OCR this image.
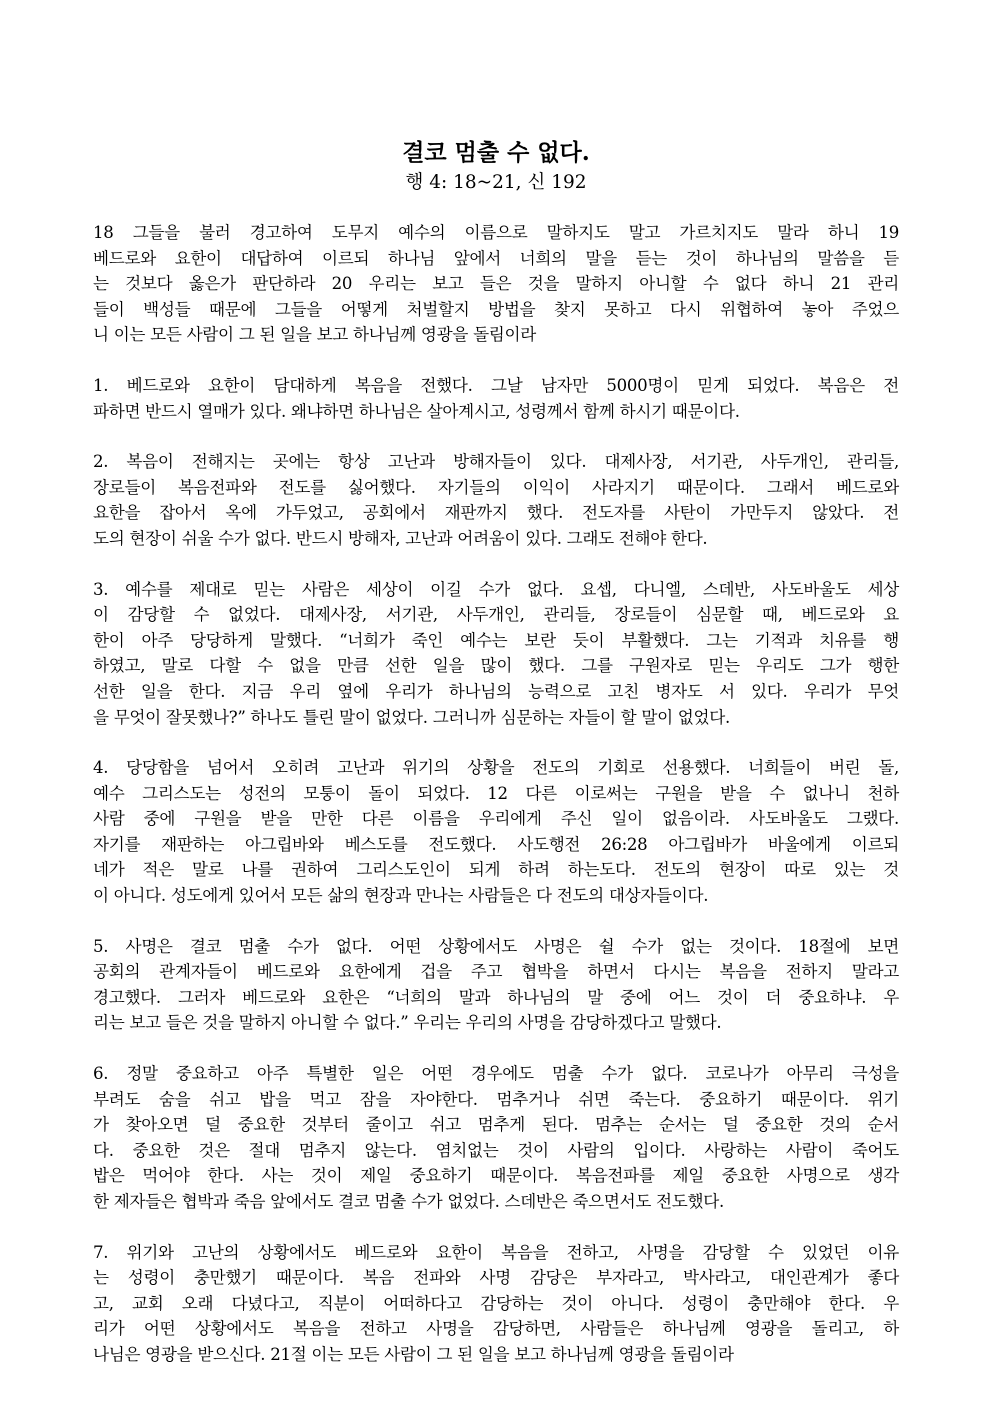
결코 멈출 수 없다.
행 4: 18~21, 신 192
18 그들을 불러 경고하여 도무지 예수의 이름으로 말하지도 말고 가르치지도 말라 하니 19
베드로와 요한이 대답하여 이르되 하나님 앞에서 너희의 말을 듣는 것이 하나님의 말씀을 듣
는 것보다 옳은가 판단하라 20 우리는 보고 들은 것을 말하지 아니할 수 없다 하니 21 관리
들이 백성들 때문에 그들을 어떻게 처벌할지 방법을 찾지 못하고 다시 위협하여 놓아 주었으
니 이는 모든 사람이 그 된 일을 보고 하나님께 영광을 돌림이라
1. 베드로와 요한이 담대하게 복음을 전했다. 그날 남자만 5000명이 믿게 되었다. 복음은 전
파하면 반드시 열매가 있다. 왜냐하면 하나님은 살아계시고, 성령께서 함께 하시기 때문이다.
2. 복음이 전해지는 곳에는 항상 고난과 방해자들이 있다. 대제사장, 서기관, 사두개인, 관리들,
장로들이 복음전파와 전도를 싫어했다. 자기들의 이익이 사라지기 때문이다. 그래서 베드로와
요한을 잡아서 옥에 가두었고, 공회에서 재판까지 했다. 전도자를 사탄이 가만두지 않았다. 전
도의 현장이 쉬울 수가 없다. 반드시 방해자, 고난과 어려움이 있다. 그래도 전해야 한다.
3. 예수를 제대로 믿는 사람은 세상이 이길 수가 없다. 요셉, 다니엘, 스데반, 사도바울도 세상
이 감당할 수 없었다. 대제사장, 서기관, 사두개인, 관리들, 장로들이 심문할 때, 베드로와 요
한이 아주 당당하게 말했다. “너희가 죽인 예수는 보란 듯이 부활했다. 그는 기적과 치유를 행
하였고, 말로 다할 수 없을 만큼 선한 일을 많이 했다. 그를 구원자로 믿는 우리도 그가 행한
선한 일을 한다. 지금 우리 옆에 우리가 하나님의 능력으로 고친 병자도 서 있다. 우리가 무엇
을 무엇이 잘못했나?” 하나도 틀린 말이 없었다. 그러니까 심문하는 자들이 할 말이 없었다.
4. 당당함을 넘어서 오히려 고난과 위기의 상황을 전도의 기회로 선용했다. 너희들이 버린 돌,
예수 그리스도는 성전의 모퉁이 돌이 되었다. 12 다른 이로써는 구원을 받을 수 없나니 천하
사람 중에 구원을 받을 만한 다른 이름을 우리에게 주신 일이 없음이라. 사도바울도 그랬다.
자기를 재판하는 아그립바와 베스도를 전도했다. 사도행전 26:28 아그립바가 바울에게 이르되
네가 적은 말로 나를 권하여 그리스도인이 되게 하려 하는도다. 전도의 현장이 따로 있는 것
이 아니다. 성도에게 있어서 모든 삶의 현장과 만나는 사람들은 다 전도의 대상자들이다.
5. 사명은 결코 멈출 수가 없다. 어떤 상황에서도 사명은 쉴 수가 없는 것이다. 18절에 보면
공회의 관계자들이 베드로와 요한에게 겁을 주고 협박을 하면서 다시는 복음을 전하지 말라고
경고했다. 그러자 베드로와 요한은 “너희의 말과 하나님의 말 중에 어느 것이 더 중요하냐. 우
리는 보고 들은 것을 말하지 아니할 수 없다.” 우리는 우리의 사명을 감당하겠다고 말했다.
6. 정말 중요하고 아주 특별한 일은 어떤 경우에도 멈출 수가 없다. 코로나가 아무리 극성을
부려도 숨을 쉬고 밥을 먹고 잠을 자야한다. 멈추거나 쉬면 죽는다. 중요하기 때문이다. 위기
가 찾아오면 덜 중요한 것부터 줄이고 쉬고 멈추게 된다. 멈추는 순서는 덜 중요한 것의 순서
다. 중요한 것은 절대 멈추지 않는다. 염치없는 것이 사람의 입이다. 사랑하는 사람이 죽어도
밥은 먹어야 한다. 사는 것이 제일 중요하기 때문이다. 복음전파를 제일 중요한 사명으로 생각
한 제자들은 협박과 죽음 앞에서도 결코 멈출 수가 없었다. 스데반은 죽으면서도 전도했다.
7. 위기와 고난의 상황에서도 베드로와 요한이 복음을 전하고, 사명을 감당할 수 있었던 이유
는 성령이 충만했기 때문이다. 복음 전파와 사명 감당은 부자라고, 박사라고, 대인관계가 좋다
고, 교회 오래 다녔다고, 직분이 어떠하다고 감당하는 것이 아니다. 성령이 충만해야 한다. 우
리가 어떤 상황에서도 복음을 전하고 사명을 감당하면, 사람들은 하나님께 영광을 돌리고, 하
나님은 영광을 받으신다. 21절 이는 모든 사람이 그 된 일을 보고 하나님께 영광을 돌림이라
